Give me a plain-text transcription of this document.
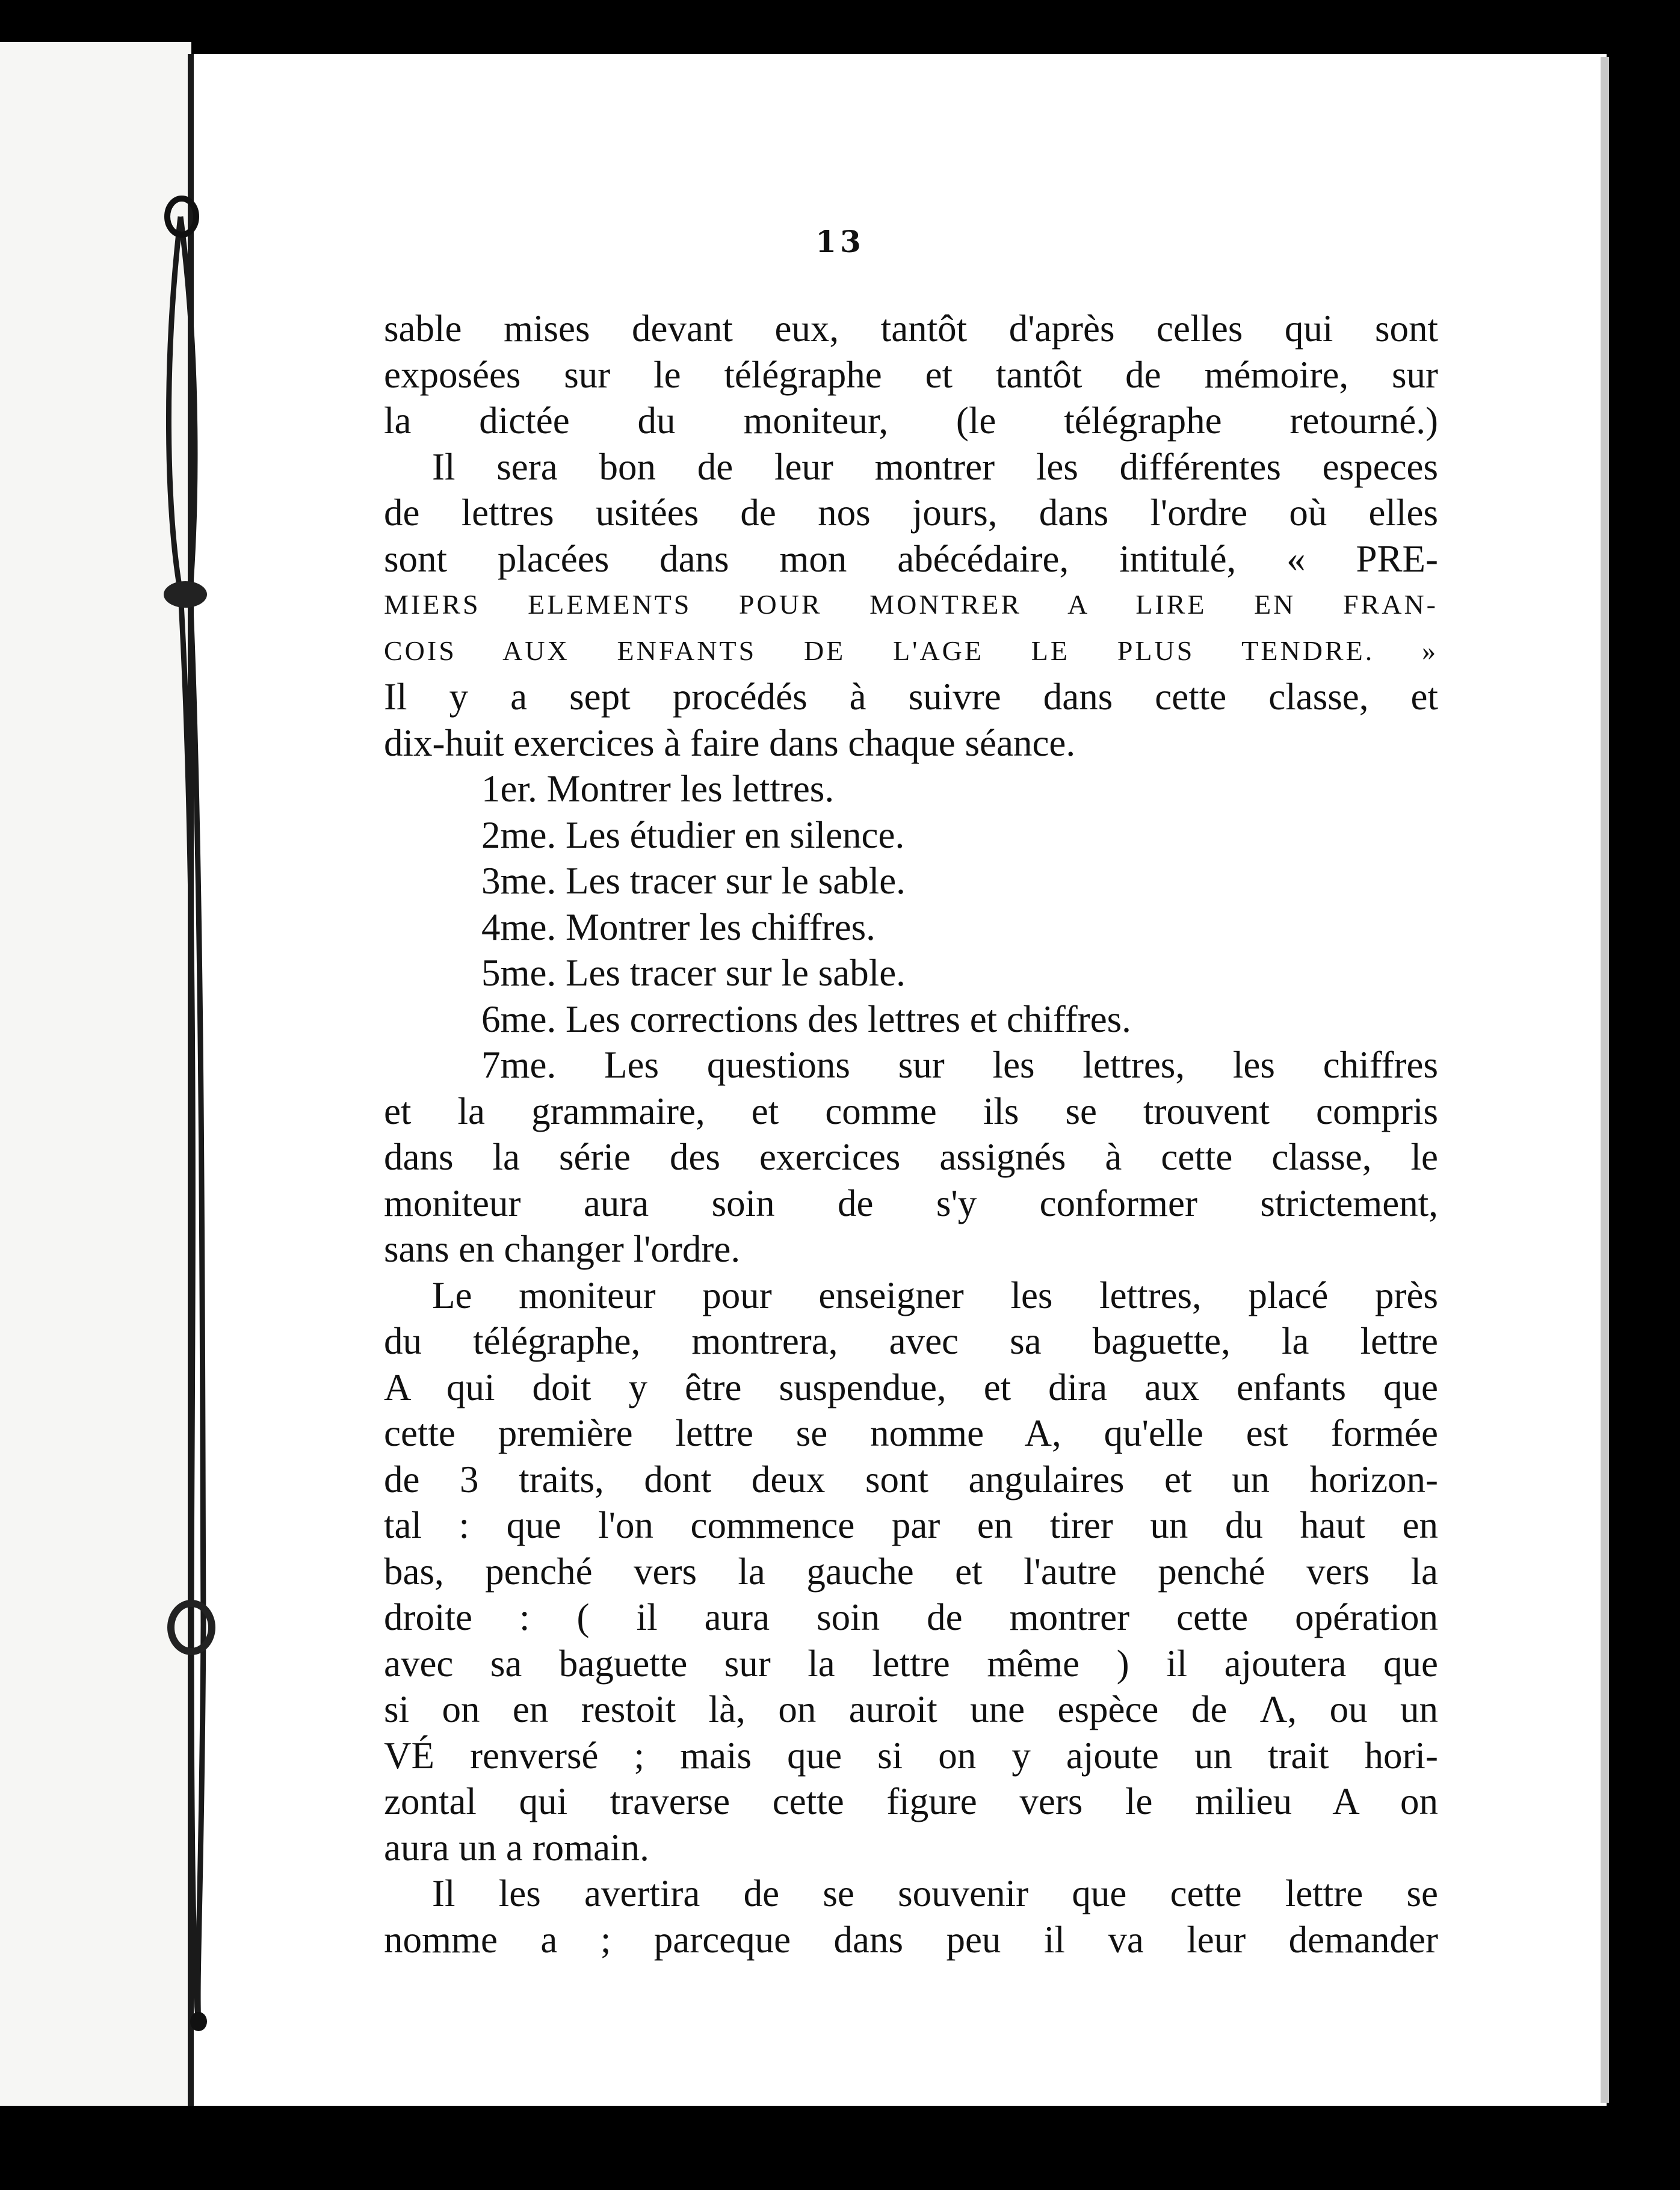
13
sable mises devant eux, tantôt d'après celles qui sont
exposées sur le télégraphe et tantôt de mémoire, sur
la dictée du moniteur, (le télégraphe retourné.)
Il sera bon de leur montrer les différentes especes
de lettres usitées de nos jours, dans l'ordre où elles
sont placées dans mon abécédaire, intitulé, « PRE-
MIERS ELEMENTS POUR MONTRER A LIRE EN FRAN-
COIS AUX ENFANTS DE L'AGE LE PLUS TENDRE. »
Il y a sept procédés à suivre dans cette classe, et
dix-huit exercices à faire dans chaque séance.
1er. Montrer les lettres.
2me. Les étudier en silence.
3me. Les tracer sur le sable.
4me. Montrer les chiffres.
5me. Les tracer sur le sable.
6me. Les corrections des lettres et chiffres.
7me. Les questions sur les lettres, les chiffres
et la grammaire, et comme ils se trouvent compris
dans la série des exercices assignés à cette classe, le
moniteur aura soin de s'y conformer strictement,
sans en changer l'ordre.
Le moniteur pour enseigner les lettres, placé près
du télégraphe, montrera, avec sa baguette, la lettre
A qui doit y être suspendue, et dira aux enfants que
cette première lettre se nomme A, qu'elle est formée
de 3 traits, dont deux sont angulaires et un horizon-
tal : que l'on commence par en tirer un du haut en
bas, penché vers la gauche et l'autre penché vers la
droite : ( il aura soin de montrer cette opération
avec sa baguette sur la lettre même ) il ajoutera que
si on en restoit là, on auroit une espèce de Λ, ou un
VÉ renversé ; mais que si on y ajoute un trait hori-
zontal qui traverse cette figure vers le milieu A on
aura un a romain.
Il les avertira de se souvenir que cette lettre se
nomme a ; parceque dans peu il va leur demander
